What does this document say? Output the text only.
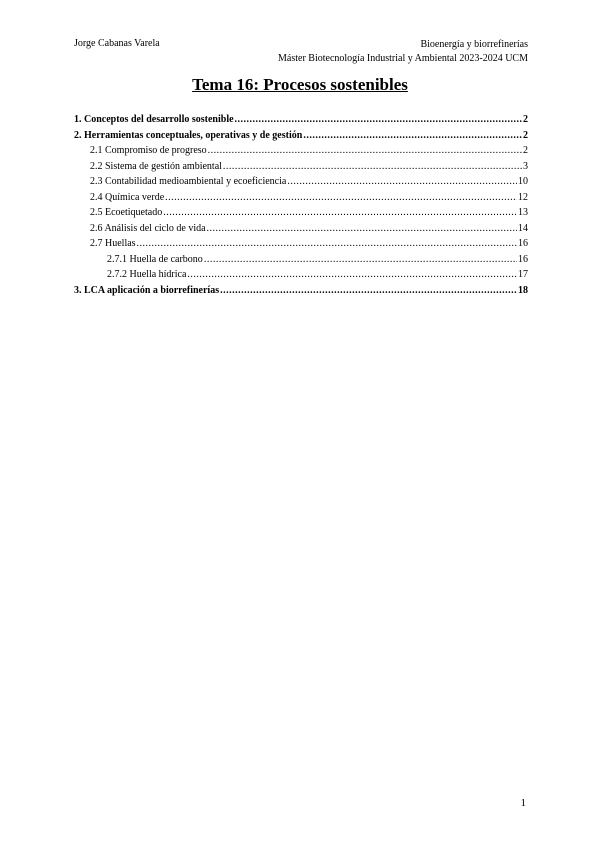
Jorge Cabanas Varela	Bioenergía y biorrefinerías
Máster Biotecnología Industrial y Ambiental 2023-2024 UCM
Tema 16: Procesos sostenibles
1. Conceptos del desarrollo sostenible .....	2
2. Herramientas conceptuales, operativas y de gestión .....	2
2.1 Compromiso de progreso .....	2
2.2 Sistema de gestión ambiental .....	3
2.3 Contabilidad medioambiental y ecoeficiencia .....	10
2.4 Química verde .....	12
2.5 Ecoetiquetado .....	13
2.6 Análisis del ciclo de vida .....	14
2.7 Huellas .....	16
2.7.1 Huella de carbono .....	16
2.7.2 Huella hídrica .....	17
3. LCA aplicación a biorrefinerías .....	18
1
